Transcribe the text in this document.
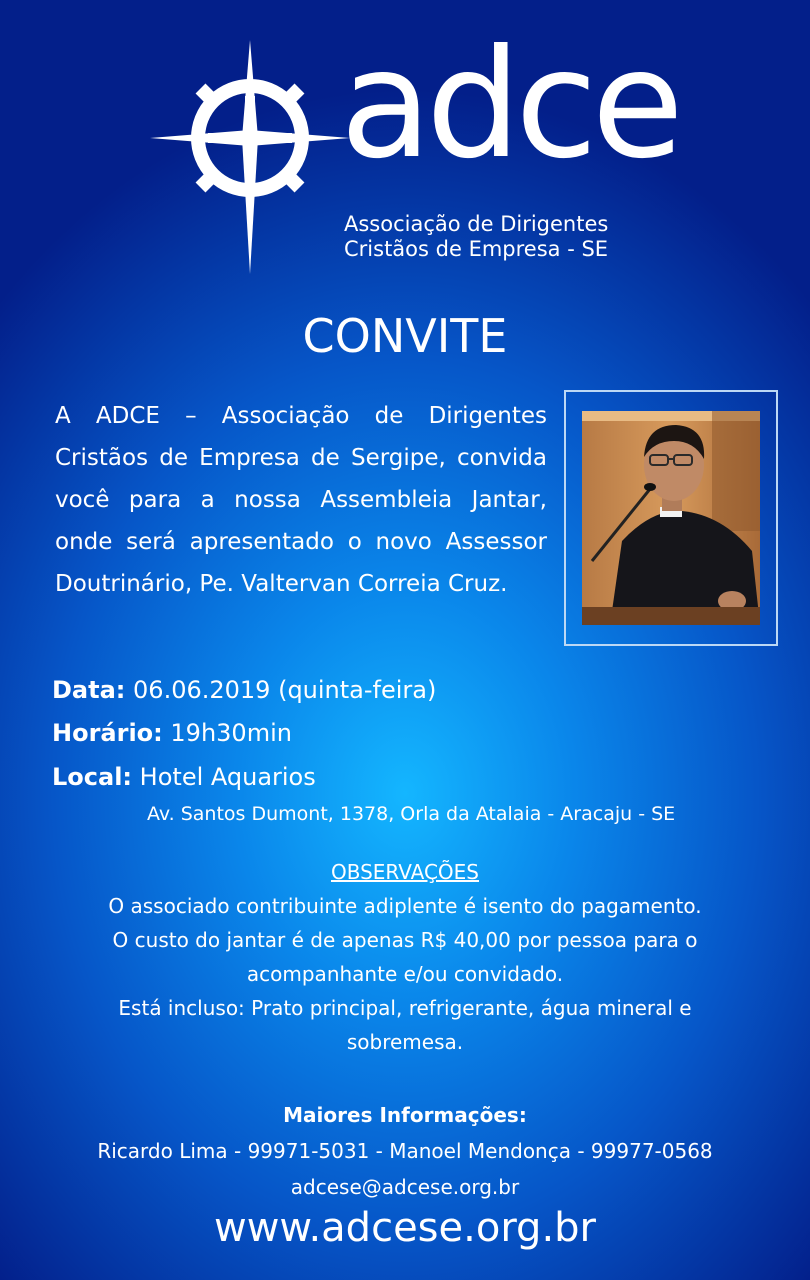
adce
Associação de Dirigentes
Cristãos de Empresa - SE
CONVITE
A ADCE – Associação de Dirigentes Cristãos de Empresa de Sergipe, convida você para a nossa Assembleia Jantar, onde será apresentado o novo Assessor Doutrinário, Pe. Valtervan Correia Cruz.
Data: 06.06.2019 (quinta-feira)
Horário: 19h30min
Local: Hotel Aquarios
Av. Santos Dumont, 1378, Orla da Atalaia - Aracaju - SE
OBSERVAÇÕES
O associado contribuinte adiplente é isento do pagamento.
O custo do jantar é de apenas R$ 40,00 por pessoa para o
acompanhante e/ou convidado.
Está incluso: Prato principal, refrigerante, água mineral e
sobremesa.
Maiores Informações:
Ricardo Lima - 99971-5031 - Manoel Mendonça - 99977-0568
adcese@adcese.org.br
www.adcese.org.br
